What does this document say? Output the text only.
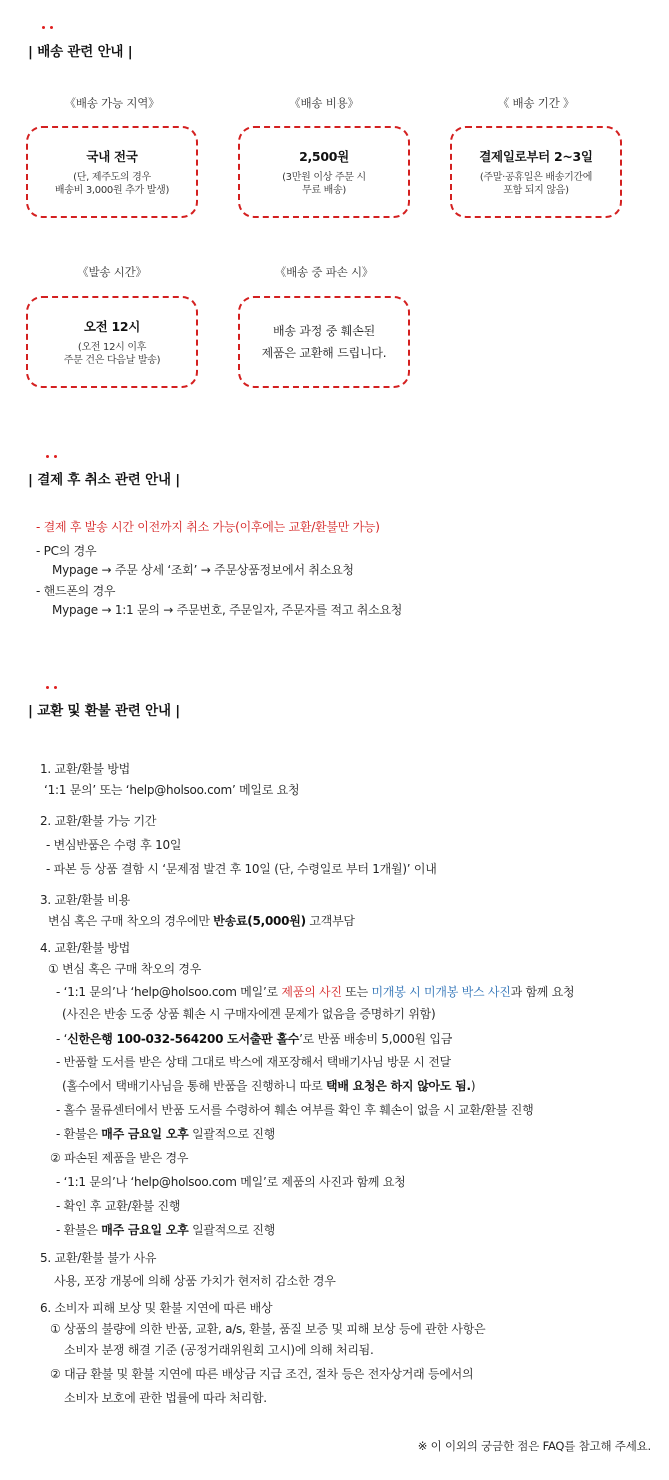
| 배송 관련 안내 |
《배송 가능 지역》
국내 전국
(단, 제주도의 경우
배송비 3,000원 추가 발생)
《배송 비용》
2,500원
(3만원 이상 주문 시
무료 배송)
《 배송 기간 》
결제일로부터 2~3일
(주말·공휴일은 배송기간에
포함 되지 않음)
《발송 시간》
오전 12시
(오전 12시 이후
주문 건은 다음날 발송)
《배송 중 파손 시》
배송 과정 중 훼손된
제품은 교환해 드립니다.
| 결제 후 취소 관련 안내 |
- 결제 후 발송 시간 이전까지 취소 가능(이후에는 교환/환불만 가능)
- PC의 경우
Mypage → 주문 상세 ‘조회’ → 주문상품정보에서 취소요청
- 핸드폰의 경우
Mypage → 1:1 문의 → 주문번호, 주문일자, 주문자를 적고 취소요청
| 교환 및 환불 관련 안내 |
1. 교환/환불 방법
‘1:1 문의’ 또는 ‘help@holsoo.com’ 메일로 요청
2. 교환/환불 가능 기간
- 변심반품은 수령 후 10일
- 파본 등 상품 결함 시 ‘문제점 발견 후 10일 (단, 수령일로 부터 1개월)’ 이내
3. 교환/환불 비용
변심 혹은 구매 착오의 경우에만 반송료(5,000원) 고객부담
4. 교환/환불 방법
① 변심 혹은 구매 착오의 경우
- ‘1:1 문의’나 ‘help@holsoo.com 메일’로 제품의 사진 또는 미개봉 시 미개봉 박스 사진과 함께 요청
(사진은 반송 도중 상품 훼손 시 구매자에겐 문제가 없음을 증명하기 위함)
- ‘신한은행 100-032-564200 도서출판 홀수’로 반품 배송비 5,000원 입금
- 반품할 도서를 받은 상태 그대로 박스에 재포장해서 택배기사님 방문 시 전달
(홀수에서 택배기사님을 통해 반품을 진행하니 따로 택배 요청은 하지 않아도 됨.)
- 홀수 물류센터에서 반품 도서를 수령하여 훼손 여부를 확인 후 훼손이 없을 시 교환/환불 진행
- 환불은 매주 금요일 오후 일괄적으로 진행
② 파손된 제품을 받은 경우
- ‘1:1 문의’나 ‘help@holsoo.com 메일’로 제품의 사진과 함께 요청
- 확인 후 교환/환불 진행
- 환불은 매주 금요일 오후 일괄적으로 진행
5. 교환/환불 불가 사유
사용, 포장 개봉에 의해 상품 가치가 현저히 감소한 경우
6. 소비자 피해 보상 및 환불 지연에 따른 배상
① 상품의 불량에 의한 반품, 교환, a/s, 환불, 품질 보증 및 피해 보상 등에 관한 사항은
소비자 분쟁 해결 기준 (공정거래위원회 고시)에 의해 처리됨.
② 대금 환불 및 환불 지연에 따른 배상금 지급 조건, 절차 등은 전자상거래 등에서의
소비자 보호에 관한 법률에 따라 처리함.
※ 이 이외의 궁금한 점은 FAQ를 참고해 주세요.
